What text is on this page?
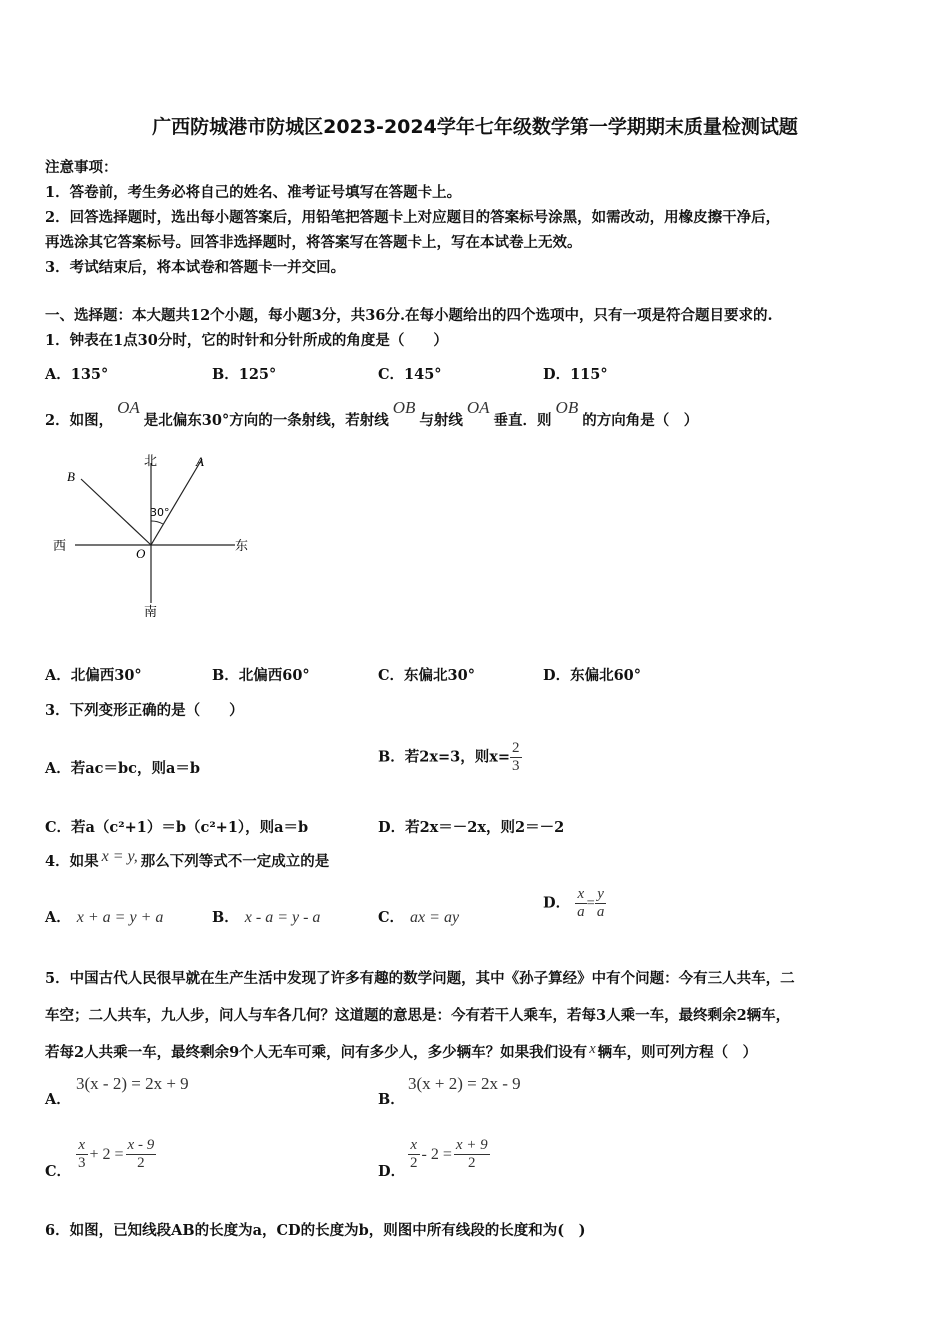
广西防城港市防城区2023-2024学年七年级数学第一学期期末质量检测试题
注意事项：
1．答卷前，考生务必将自己的姓名、准考证号填写在答题卡上。
2．回答选择题时，选出每小题答案后，用铅笔把答题卡上对应题目的答案标号涂黑，如需改动，用橡皮擦干净后，
再选涂其它答案标号。回答非选择题时，将答案写在答题卡上，写在本试卷上无效。
3．考试结束后，将本试卷和答题卡一并交回。
一、选择题：本大题共12个小题，每小题3分，共36分.在每小题给出的四个选项中，只有一项是符合题目要求的.
1．钟表在1点30分时，它的时针和分针所成的角度是（　　）
A．135°	B．125°	C．145°	D．115°
2．如图，OA是北偏东30°方向的一条射线，若射线OB与射线OA垂直．则OB的方向角是（　）
北
南
东
西
A
B
O
30°
A．北偏西30°	B．北偏西60°	C．东偏北30°	D．东偏北60°
3．下列变形正确的是（　　）
A．若ac＝bc，则a＝b
B．若2x=3，则$x= \frac{2}{3}$
C．若a（c²+1）＝b（c²+1），则a＝b	D．若2x＝－2x，则2＝－2
4．如果 x = y, 那么下列等式不一定成立的是
A． x + a = y + a	B． x - a = y - a	C． ax = ay
D． $\frac{x}{a} = \frac{y}{a}$
5．中国古代人民很早就在生产生活中发现了许多有趣的数学问题，其中《孙子算经》中有个问题：今有三人共车，二
车空；二人共车，九人步，问人与车各几何？这道题的意思是：今有若干人乘车，若每3人乘一车，最终剩余2辆车，
若每2人共乘一车，最终剩余9个人无车可乘，问有多少人，多少辆车？如果我们设有 x 辆车，则可列方程（　）
A．
3(x - 2) = 2x + 9
B．
3(x + 2) = 2x - 9
C． $\frac{x}{3} + 2 = \frac{x - 9}{2}$	D． $\frac{x}{2} - 2 = \frac{x + 9}{2}$
6．如图，已知线段AB的长度为a，CD的长度为b，则图中所有线段的长度和为(　)
